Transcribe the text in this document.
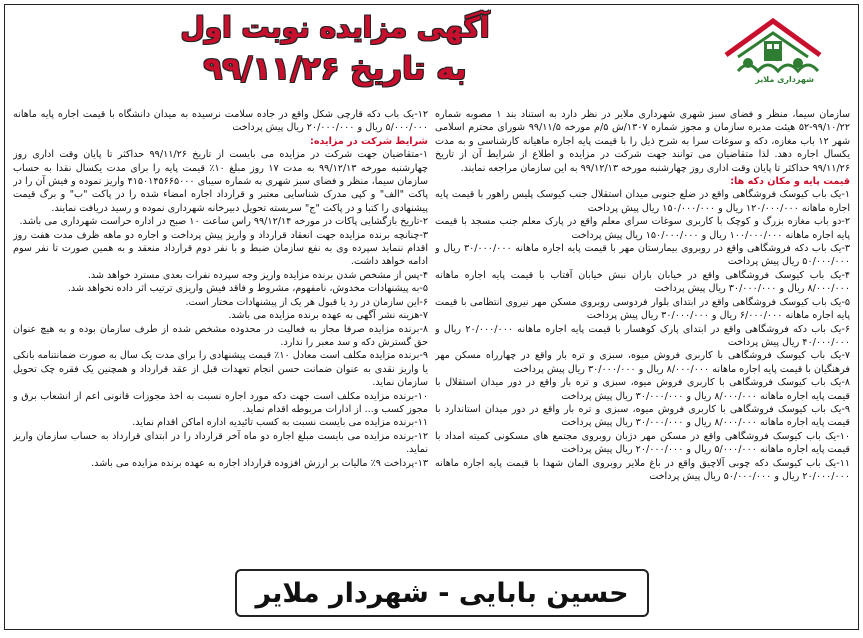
آگهی مزایده نوبت اول
به تاریخ ۹۹/۱۱/۲۶	شهرداری ملایر

سازمان سیما، منظر و فضای سبز شهری شهرداری ملایر در نظر دارد به استناد بند ۱ مصوبه شماره ۹۹/۱۰/۲۲-۵۲ هیئت مدیره سازمان و مجوز شماره ۱۳۰۷/ش ۵/م مورخه ۹۹/۱۱/۵ شورای محترم اسلامی شهر ۱۲ باب مغازه، دکه و سوغات سرا به شرح ذیل را با قیمت پایه اجاره ماهیانه کارشناسی و به مدت یکسال اجاره دهد. لذا متقاضیان می توانند جهت شرکت در مزایده و اطلاع از شرایط آن از تاریخ ۹۹/۱۱/۲۶ حداکثر تا پایان وقت اداری روز چهارشنبه مورخه ۹۹/۱۲/۱۳ به این سازمان مراجعه نمایند.

قیمت پایه و مکان دکه ها:

۱-یک باب کیوسک فروشگاهی واقع در ضلع جنوبی میدان استقلال جنب کیوسک پلیس راهور با قیمت پایه اجاره ماهانه ۱۲۰/۰۰۰/۰۰۰ ریال و ۱۵۰/۰۰۰/۰۰۰ ریال پیش پرداخت

۲-دو باب مغازه بزرگ و کوچک با کاربری سوغات سرای معلم واقع در پارک معلم جنب مسجد با قیمت پایه اجاره ماهانه ۱۰۰/۰۰۰/۰۰۰ ریال و ۱۵۰/۰۰۰/۰۰۰ ریال پیش پرداخت

۳-یک باب دکه فروشگاهی واقع در روبروی بیمارستان مهر با قیمت پایه اجاره ماهانه ۳۰/۰۰۰/۰۰۰ ریال و ۵۰/۰۰۰/۰۰۰ ریال پیش پرداخت

۴-یک باب کیوسک فروشگاهی واقع در خیابان باران نبش خیابان آفتاب با قیمت پایه اجاره ماهانه ۸/۰۰۰/۰۰۰ ریال و ۳۰/۰۰۰/۰۰۰ ریال پیش پرداخت

۵-یک باب کیوسک فروشگاهی واقع در ابتدای بلوار فردوسی روبروی مسکن مهر نیروی انتظامی با قیمت پایه اجاره ماهانه ۶/۰۰۰/۰۰۰ ریال و ۳۰/۰۰۰/۰۰۰ ریال پیش پرداخت

۶-یک باب دکه فروشگاهی واقع در ابتدای پارک کوهسار با قیمت پایه اجاره ماهانه ۲۰/۰۰۰/۰۰۰ ریال و ۴۰/۰۰۰/۰۰۰ ریال پیش پرداخت

۷-یک باب کیوسک فروشگاهی با کاربری فروش میوه، سبزی و تره بار واقع در چهارراه مسکن مهر فرهنگیان با قیمت پایه اجاره ماهانه ۸/۰۰۰/۰۰۰ ریال و ۳۰/۰۰۰/۰۰۰ ریال پیش پرداخت

۸-یک باب کیوسک فروشگاهی با کاربری فروش میوه، سبزی و تره بار واقع در دور میدان استقلال با قیمت پایه اجاره ماهانه ۸/۰۰۰/۰۰۰ ریال و ۳۰/۰۰۰/۰۰۰ ریال پیش پرداخت

۹-یک باب کیوسک فروشگاهی با کاربری فروش میوه، سبزی و تره بار واقع در دور میدان استاندارد با قیمت پایه اجاره ماهانه ۸/۰۰۰/۰۰۰ ریال و ۳۰/۰۰۰/۰۰۰ ریال پیش پرداخت

۱۰-یک باب کیوسک فروشگاهی واقع در مسکن مهر دژبان روبروی مجتمع های مسکونی کمیته امداد با قیمت پایه اجاره ماهانه ۵/۰۰۰/۰۰۰ ریال و ۲۰/۰۰۰/۰۰۰ ریال پیش پرداخت

۱۱-یک باب کیوسک دکه چوبی آلاچیق واقع در باغ ملایر روبروی المان شهدا با قیمت پایه اجاره ماهانه ۲۰/۰۰۰/۰۰۰ ریال و ۵۰/۰۰۰/۰۰۰ ریال پیش پرداخت

۱۲-یک باب دکه قارچی شکل واقع در جاده سلامت نرسیده به میدان دانشگاه با قیمت اجاره پایه ماهانه ۵/۰۰۰/۰۰۰ ریال و ۲۰/۰۰۰/۰۰۰ ریال پیش پرداخت

شرایط شرکت در مزایده:

۱-متقاضیان جهت شرکت در مزایده می بایست از تاریخ ۹۹/۱۱/۲۶ حداکثر تا پایان وقت اداری روز چهارشنبه مورخه ۹۹/۱۲/۱۳ به مدت ۱۷ روز مبلغ ۱۰٪ قیمت پایه را برای مدت یکسال نقدا به حساب سازمان سیما، منظر و فضای سبز شهری به شماره سیبای ۴۱۵۰۱۴۵۶۶۵۰۰۰ واریز نموده و فیش آن را در پاکت "الف" و کپی مدرک شناسایی معتبر و قرارداد اجاره امضاء شده را در پاکت "ب" و برگ قیمت پیشنهادی را کتبا و در پاکت "ج" سربسته تحویل دبیرخانه شهرداری نموده و رسید دریافت نمایند.

۲-تاریخ بازگشایی پاکات در مورخه ۹۹/۱۲/۱۴ راس ساعت ۱۰ صبح در اداره حراست شهرداری می باشد.

۳-چنانچه برنده مزایده جهت انعقاد قرارداد و واریز پیش پرداخت و اجاره دو ماهه ظرف مدت هفت روز اقدام ننماید سپرده وی به نفع سازمان ضبط و با نفر دوم قرارداد منعقد و به همین صورت تا نفر سوم ادامه خواهد داشت.

۴-پس از مشخص شدن برنده مزایده واریز وجه سپرده نفرات بعدی مسترد خواهد شد.

۵-به پیشنهادات مخدوش، نامفهوم، مشروط و فاقد فیش واریزی ترتیب اثر داده نخواهد شد.

۶-این سازمان در رد یا قبول هر یک از پیشنهادات مختار است.

۷-هزینه نشر آگهی به عهده برنده مزایده می باشد.

۸-برنده مزایده صرفا مجاز به فعالیت در محدوده مشخص شده از طرف سازمان بوده و به هیچ عنوان حق گسترش دکه و سد معبر را ندارد.

۹-برنده مزایده مکلف است معادل ۱۰٪ قیمت پیشنهادی را برای مدت یک سال به صورت ضمانتنامه بانکی یا واریز نقدی به عنوان ضمانت حسن انجام تعهدات قبل از عقد قرارداد و همچنین یک فقره چک تحویل سازمان نماید.

۱۰-برنده مزایده مکلف است جهت دکه مورد اجاره نسبت به اخذ مجوزات قانونی اعم از انشعاب برق و مجوز کسب و... از ادارات مربوطه اقدام نماید.

۱۱-برنده مزایده می بایست نسبت به کسب تائیدیه اداره اماکن اقدام نماید.

۱۲-برنده مزایده می بایست مبلغ اجاره دو ماه آخر قرارداد را در ابتدای قرارداد به حساب سازمان واریز نماید.

۱۳-پرداخت ۹٪ مالیات بر ارزش افزوده قرارداد اجاره به عهده برنده مزایده می باشد.

حسین بابایی - شهردار ملایر
